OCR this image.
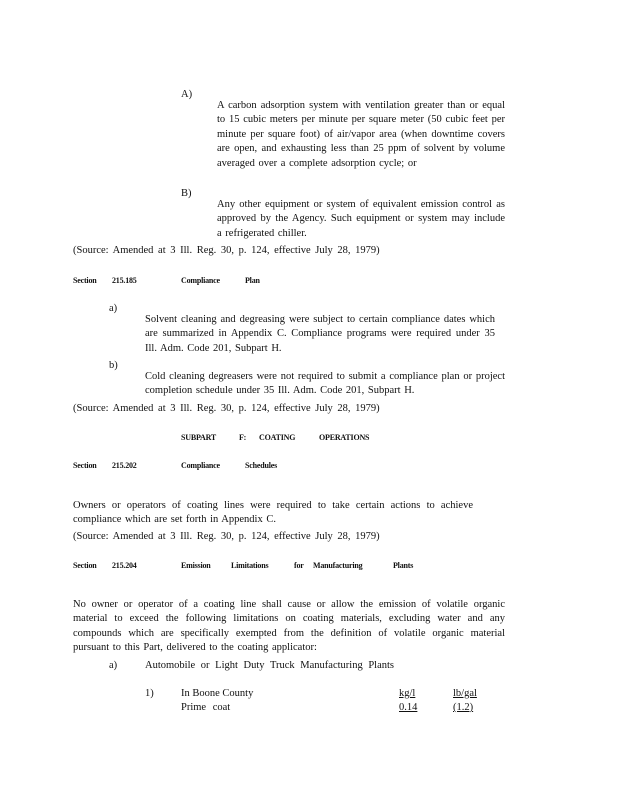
A)

A carbon adsorption system with ventilation greater than or equal to 15 cubic meters per minute per square meter (50 cubic feet per minute per square foot) of air/vapor area (when downtime covers are open, and exhausting less than 25 ppm of solvent by volume averaged over a complete adsorption cycle; or

B)

Any other equipment or system of equivalent emission control as approved by the Agency. Such equipment or system may include a refrigerated chiller.

(Source: Amended at 3 Ill. Reg. 30, p. 124, effective July 28, 1979)

Section 215.185	Compliance	Plan
a)

Solvent cleaning and degreasing were subject to certain compliance dates which are summarized in Appendix C. Compliance programs were required under 35 Ill. Adm. Code 201, Subpart H.

b)

Cold cleaning degreasers were not required to submit a compliance plan or project completion schedule under 35 Ill. Adm. Code 201, Subpart H.

(Source: Amended at 3 Ill. Reg. 30, p. 124, effective July 28, 1979)

SUBPART	F: COATING	OPERATIONS
Section 215.202	Compliance	Schedules

Owners or operators of coating lines were required to take certain actions to achieve compliance which are set forth in Appendix C.

(Source: Amended at 3 Ill. Reg. 30, p. 124, effective July 28, 1979)

Section 215.204	Emission	Limitations	for Manufacturing	Plants

No owner or operator of a coating line shall cause or allow the emission of volatile organic material to exceed the following limitations on coating materials, excluding water and any compounds which are specifically exempted from the definition of volatile organic material pursuant to this Part, delivered to the coating applicator:

a)	Automobile or Light Duty Truck Manufacturing Plants

1)	In Boone County	kg/l	lb/gal
Prime coat	0.14	(1.2)
